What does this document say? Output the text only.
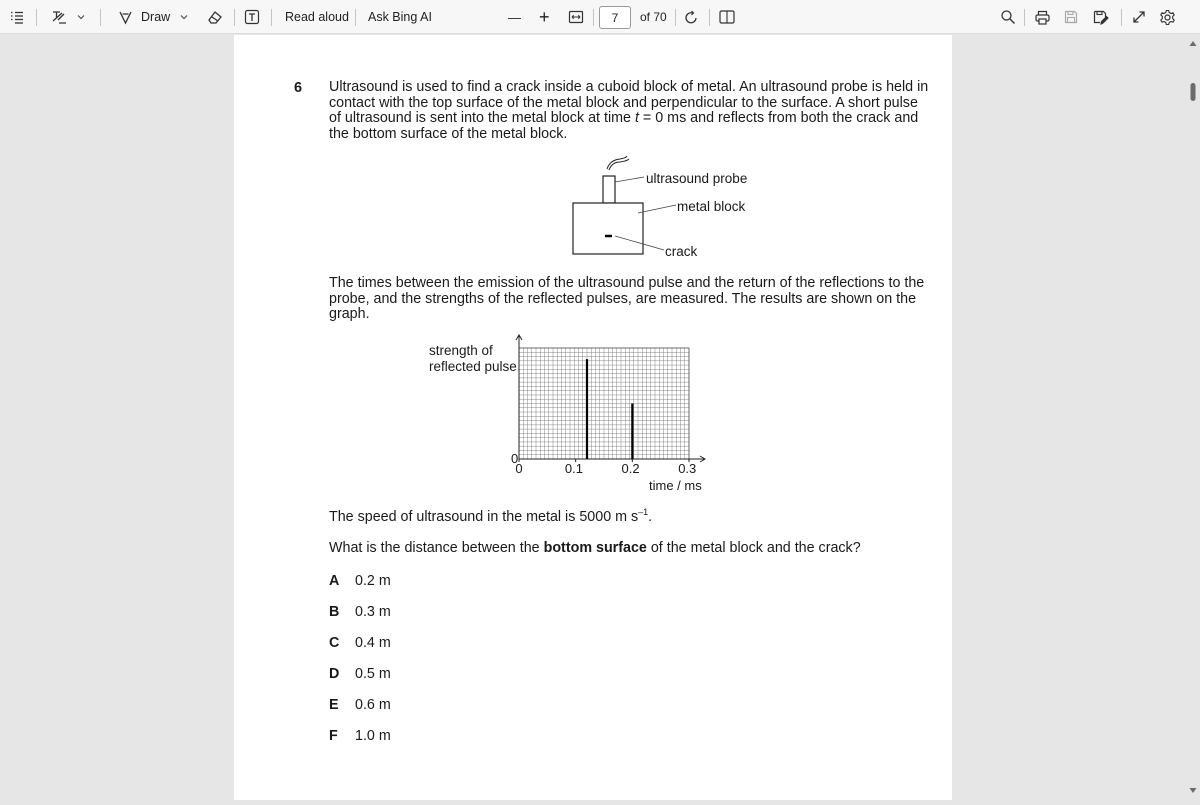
Draw	Read aloud Ask Bing AI	— +	7	of 70
6 Ultrasound is used to find a crack inside a cuboid block of metal. An ultrasound probe is held in
contact with the top surface of the metal block and perpendicular to the surface. A short pulse
of ultrasound is sent into the metal block at time t = 0 ms and reflects from both the crack and
the bottom surface of the metal block.
ultrasound probe
metal block
crack
The times between the emission of the ultrasound pulse and the return of the reflections to the
probe, and the strengths of the reflected pulses, are measured. The results are shown on the
graph.
strength of
reflected pulse
0
0	0.1	0.2	0.3
time / ms
The speed of ultrasound in the metal is 5000 m $s^{-1}$.
What is the distance between the bottom surface of the metal block and the crack?
A 0.2 m
B 0.3 m
C 0.4 m
D 0.5 m
E 0.6 m
F 1.0 m
